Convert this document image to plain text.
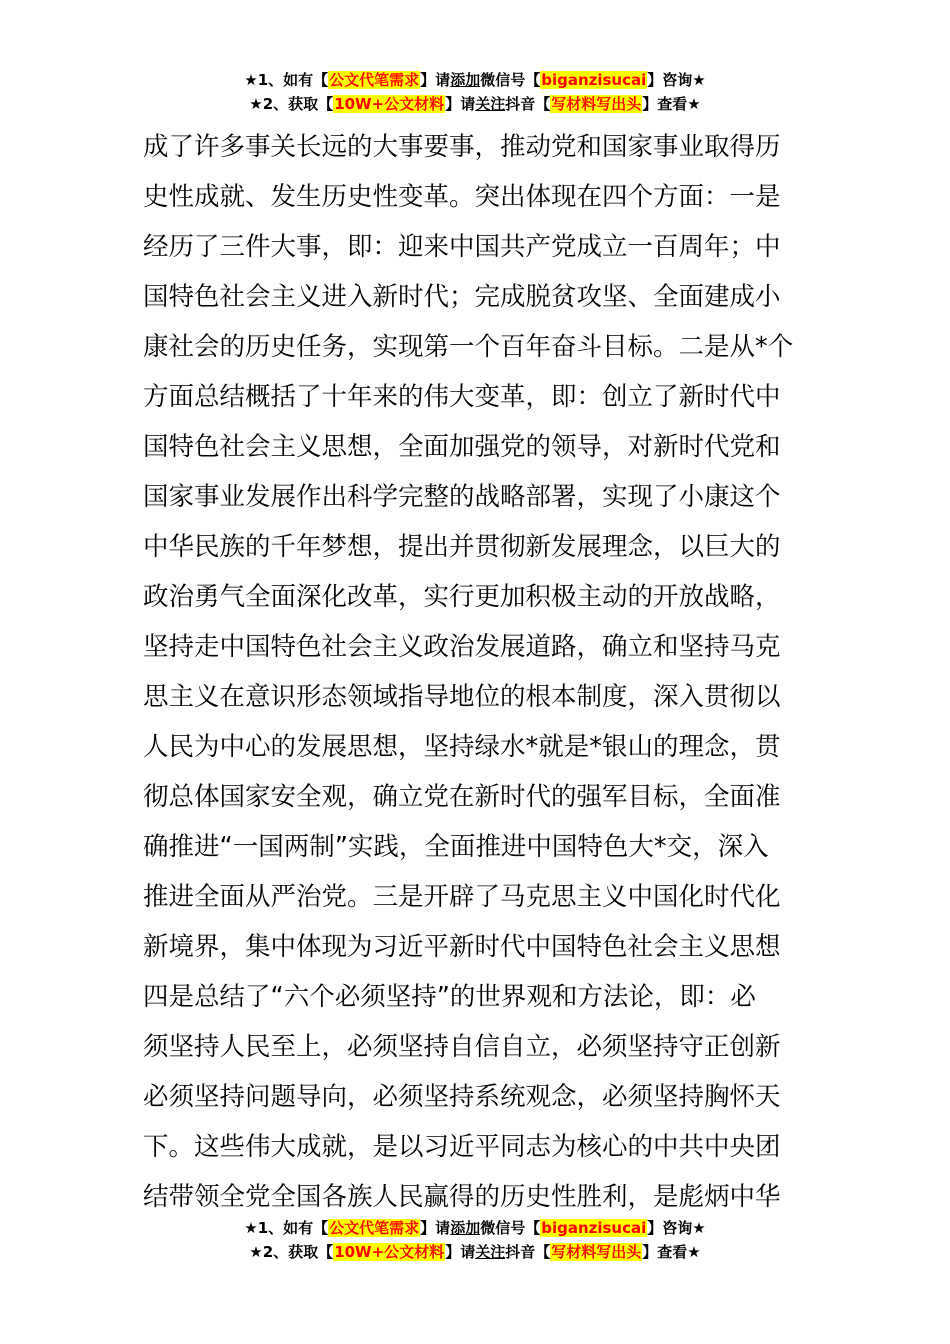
★1、如有【公文代笔需求】请添加微信号【biganzisucai】咨询★
★2、获取【10W+公文材料】请关注抖音【写材料写出头】查看★
成了许多事关长远的大事要事，推动党和国家事业取得历
史性成就、发生历史性变革。突出体现在四个方面：一是
经历了三件大事，即：迎来中国共产党成立一百周年；中
国特色社会主义进入新时代；完成脱贫攻坚、全面建成小
康社会的历史任务，实现第一个百年奋斗目标。二是从*个
方面总结概括了十年来的伟大变革，即：创立了新时代中
国特色社会主义思想，全面加强党的领导，对新时代党和
国家事业发展作出科学完整的战略部署，实现了小康这个
中华民族的千年梦想，提出并贯彻新发展理念，以巨大的
政治勇气全面深化改革，实行更加积极主动的开放战略，
坚持走中国特色社会主义政治发展道路，确立和坚持马克
思主义在意识形态领域指导地位的根本制度，深入贯彻以
人民为中心的发展思想，坚持绿水*就是*银山的理念，贯
彻总体国家安全观，确立党在新时代的强军目标，全面准
确推进“一国两制”实践，全面推进中国特色大*交，深入
推进全面从严治党。三是开辟了马克思主义中国化时代化
新境界，集中体现为习近平新时代中国特色社会主义思想
四是总结了“六个必须坚持”的世界观和方法论，即：必
须坚持人民至上，必须坚持自信自立，必须坚持守正创新
必须坚持问题导向，必须坚持系统观念，必须坚持胸怀天
下。这些伟大成就，是以习近平同志为核心的中共中央团
结带领全党全国各族人民赢得的历史性胜利，是彪炳中华
★1、如有【公文代笔需求】请添加微信号【biganzisucai】咨询★
★2、获取【10W+公文材料】请关注抖音【写材料写出头】查看★
